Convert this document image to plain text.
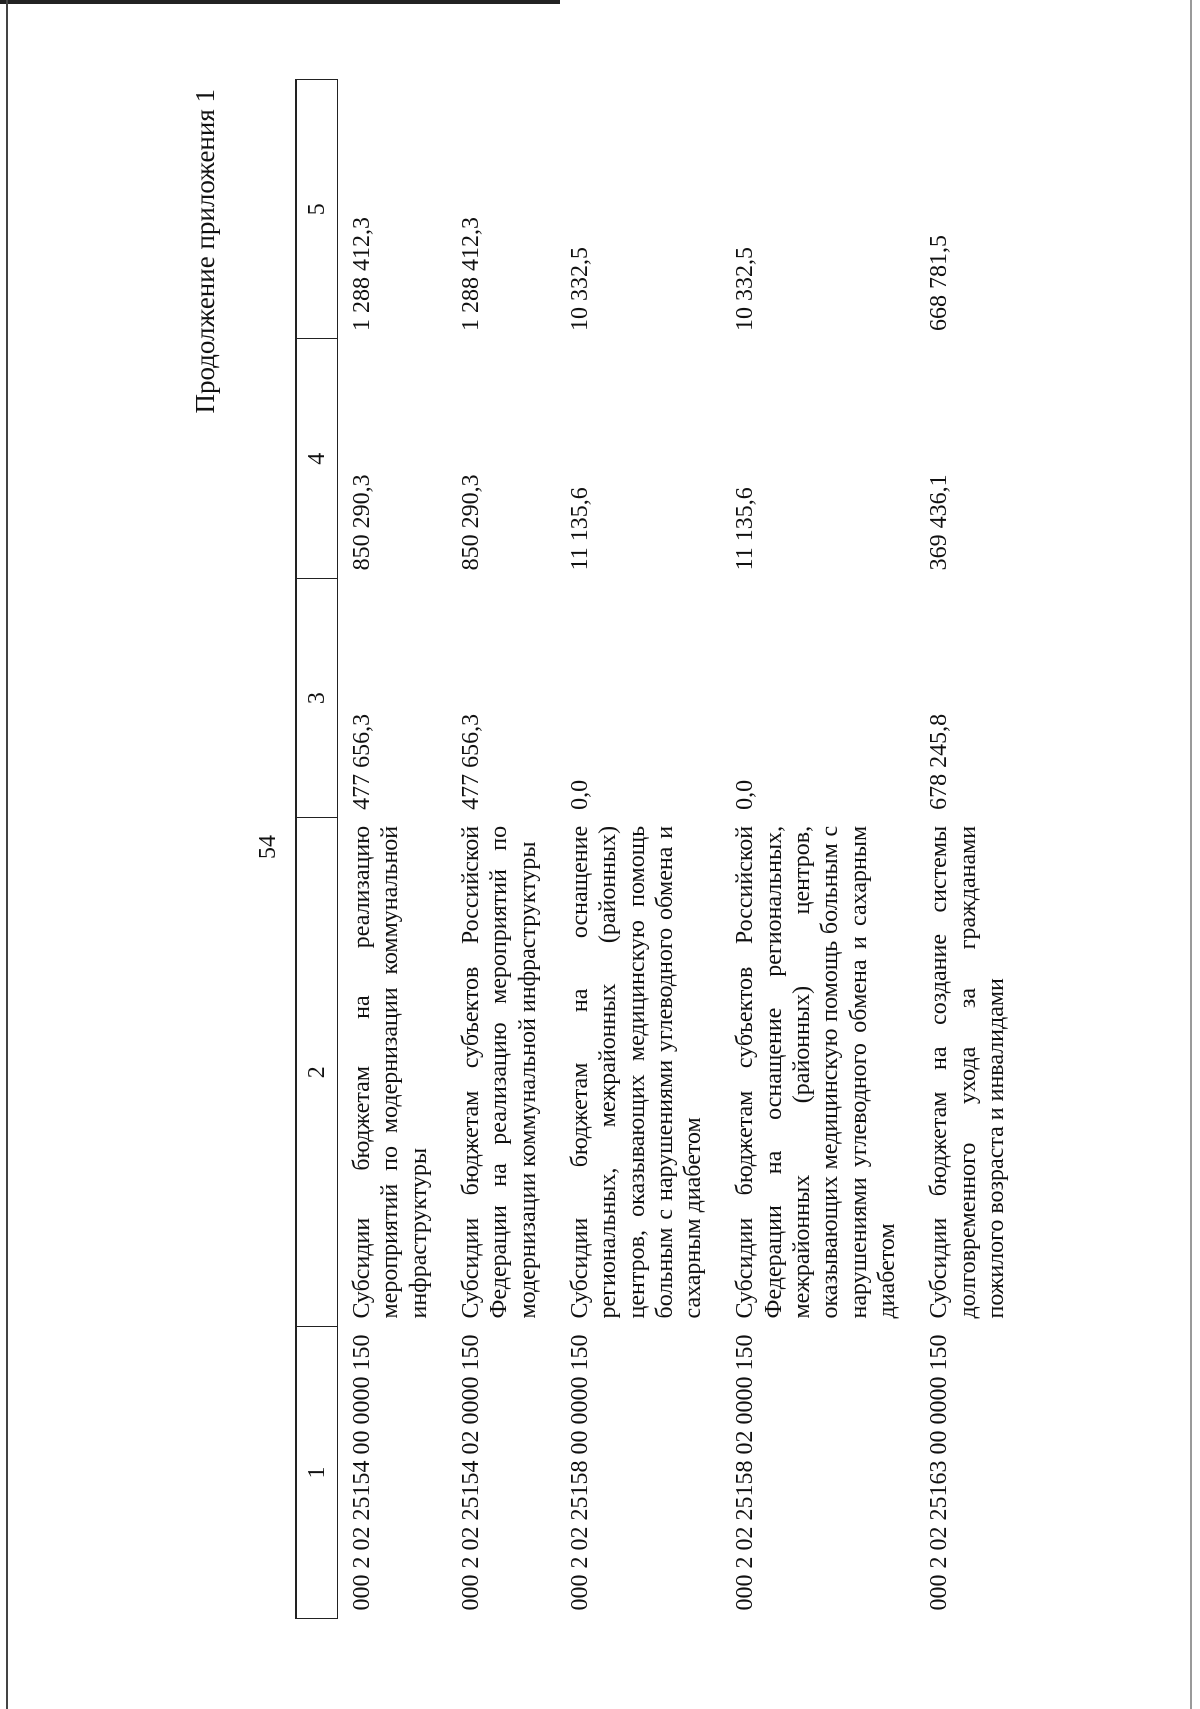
54
Продолжение приложения 1
1	2	3	4	5
000 2 02 25154 00 0000 150	Субсидии бюджетам на реализацию мероприятий по модернизации коммунальной инфраструктуры	477 656,3	850 290,3	1 288 412,3
000 2 02 25154 02 0000 150	Субсидии бюджетам субъектов Российской Федерации на реализацию мероприятий по модернизации коммунальной инфраструктуры	477 656,3	850 290,3	1 288 412,3
000 2 02 25158 00 0000 150	Субсидии бюджетам на оснащение региональных, межрайонных (районных) центров, оказывающих медицинскую помощь больным с нарушениями углеводного обмена и сахарным диабетом	0,0	11 135,6	10 332,5
000 2 02 25158 02 0000 150	Субсидии бюджетам субъектов Российской Федерации на оснащение региональных, межрайонных (районных) центров, оказывающих медицинскую помощь больным с нарушениями углеводного обмена и сахарным диабетом	0,0	11 135,6	10 332,5
000 2 02 25163 00 0000 150	Субсидии бюджетам на создание системы долговременного ухода за гражданами пожилого возраста и инвалидами	678 245,8	369 436,1	668 781,5
